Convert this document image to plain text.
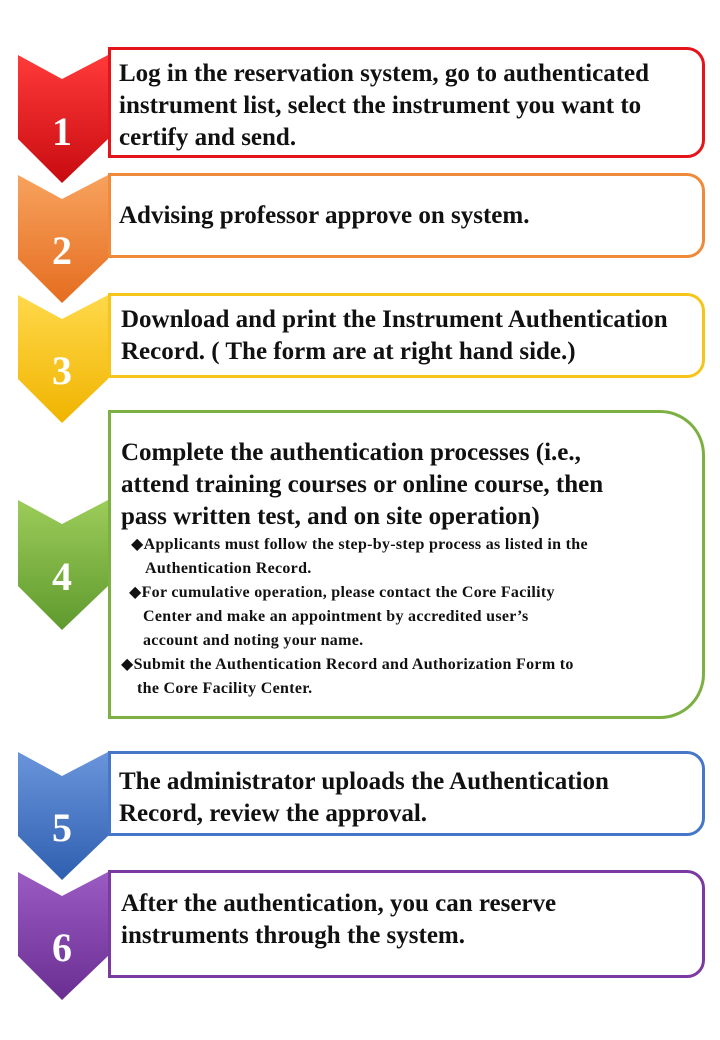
1
Log in the reservation system, go to authenticated
instrument list, select the instrument you want to
certify and send.
2
Advising professor approve on system.
3
Download and print the Instrument Authentication
Record. ( The form are at right hand side.)
4
Complete the authentication processes (i.e.,
attend training courses or online course, then
pass written test, and on site operation)
◆Applicants must follow the step-by-step process as listed in the
Authentication Record.
◆For cumulative operation, please contact the Core Facility
Center and make an appointment by accredited user’s
account and noting your name.
◆Submit the Authentication Record and Authorization Form to
the Core Facility Center.
5
The administrator uploads the Authentication
Record, review the approval.
6
After the authentication, you can reserve
instruments through the system.
